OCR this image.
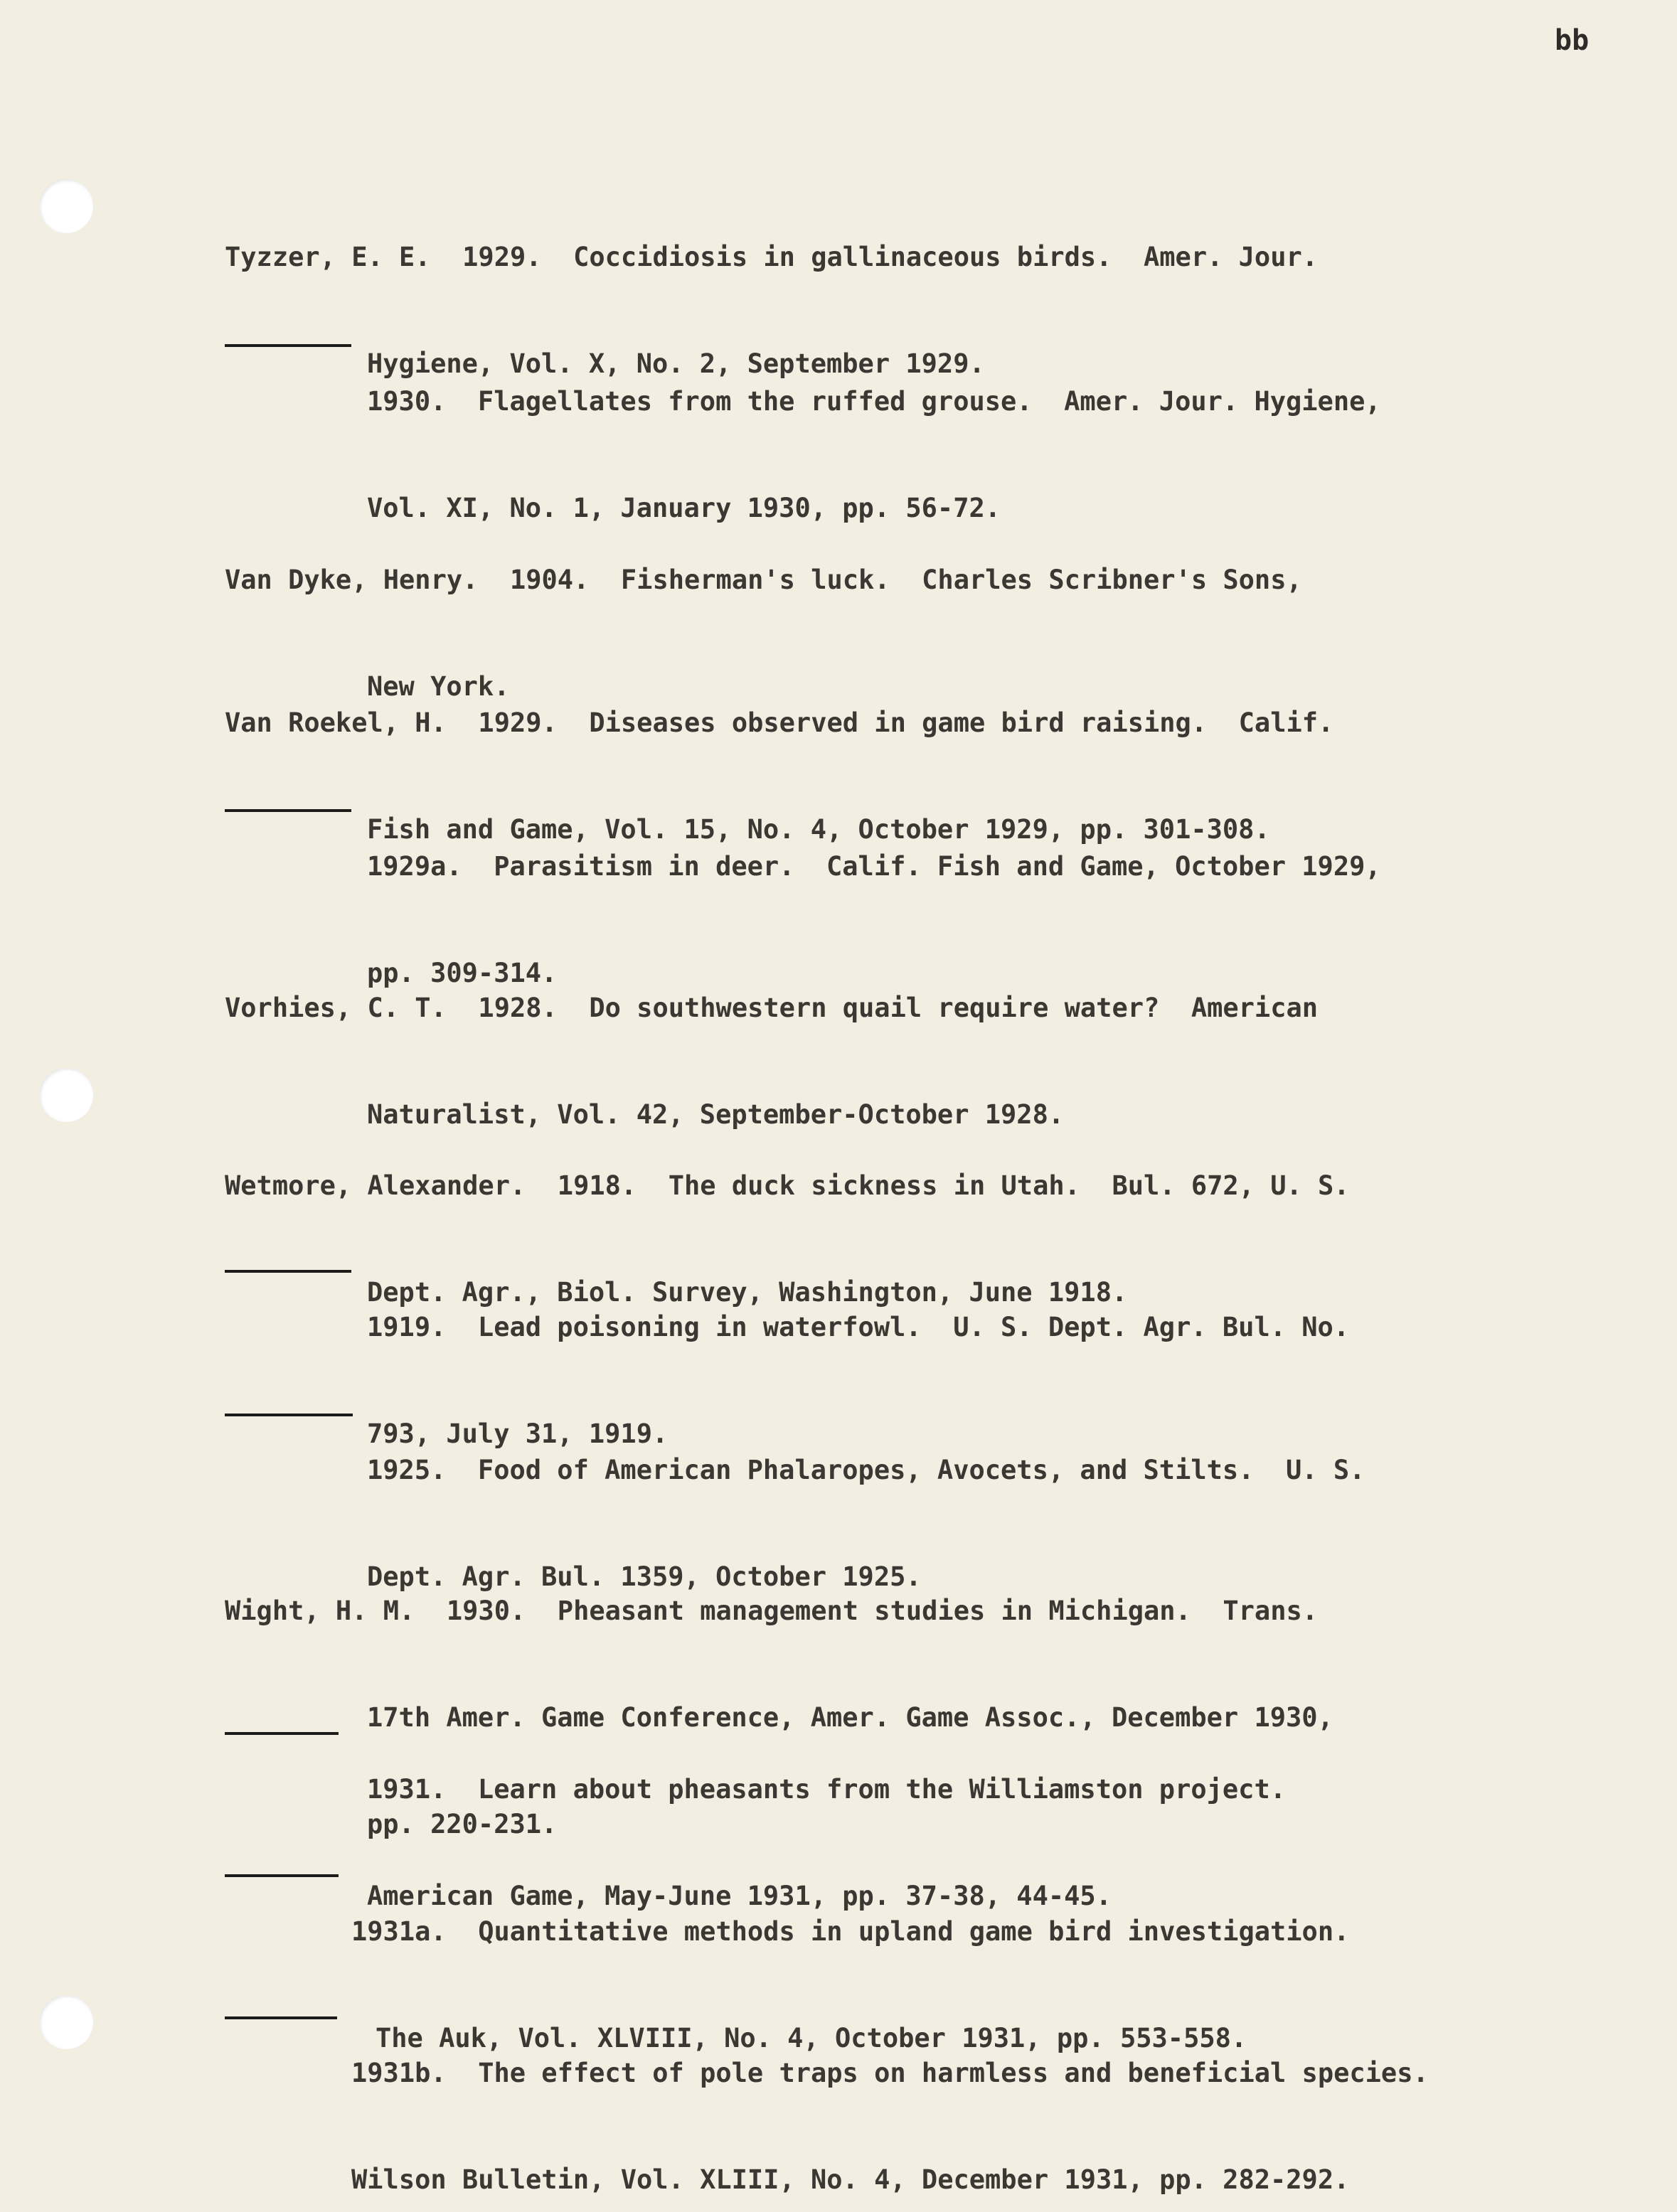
bb

Tyzzer, E. E.  1929.  Coccidiosis in gallinaceous birds.  Amer. Jour.

Hygiene, Vol. X, No. 2, September 1929.

1930.  Flagellates from the ruffed grouse.  Amer. Jour. Hygiene,

Vol. XI, No. 1, January 1930, pp. 56-72.

Van Dyke, Henry.  1904.  Fisherman's luck.  Charles Scribner's Sons,

New York.

Van Roekel, H.  1929.  Diseases observed in game bird raising.  Calif.

Fish and Game, Vol. 15, No. 4, October 1929, pp. 301-308.

1929a.  Parasitism in deer.  Calif. Fish and Game, October 1929,

pp. 309-314.

Vorhies, C. T.  1928.  Do southwestern quail require water?  American

Naturalist, Vol. 42, September-October 1928.

Wetmore, Alexander.  1918.  The duck sickness in Utah.  Bul. 672, U. S.

Dept. Agr., Biol. Survey, Washington, June 1918.

1919.  Lead poisoning in waterfowl.  U. S. Dept. Agr. Bul. No.

793, July 31, 1919.

1925.  Food of American Phalaropes, Avocets, and Stilts.  U. S.

Dept. Agr. Bul. 1359, October 1925.

Wight, H. M.  1930.  Pheasant management studies in Michigan.  Trans.

17th Amer. Game Conference, Amer. Game Assoc., December 1930,

pp. 220-231.

1931.  Learn about pheasants from the Williamston project.

American Game, May-June 1931, pp. 37-38, 44-45.

1931a.  Quantitative methods in upland game bird investigation.

The Auk, Vol. XLVIII, No. 4, October 1931, pp. 553-558.

1931b.  The effect of pole traps on harmless and beneficial species.

Wilson Bulletin, Vol. XLIII, No. 4, December 1931, pp. 282-292.
